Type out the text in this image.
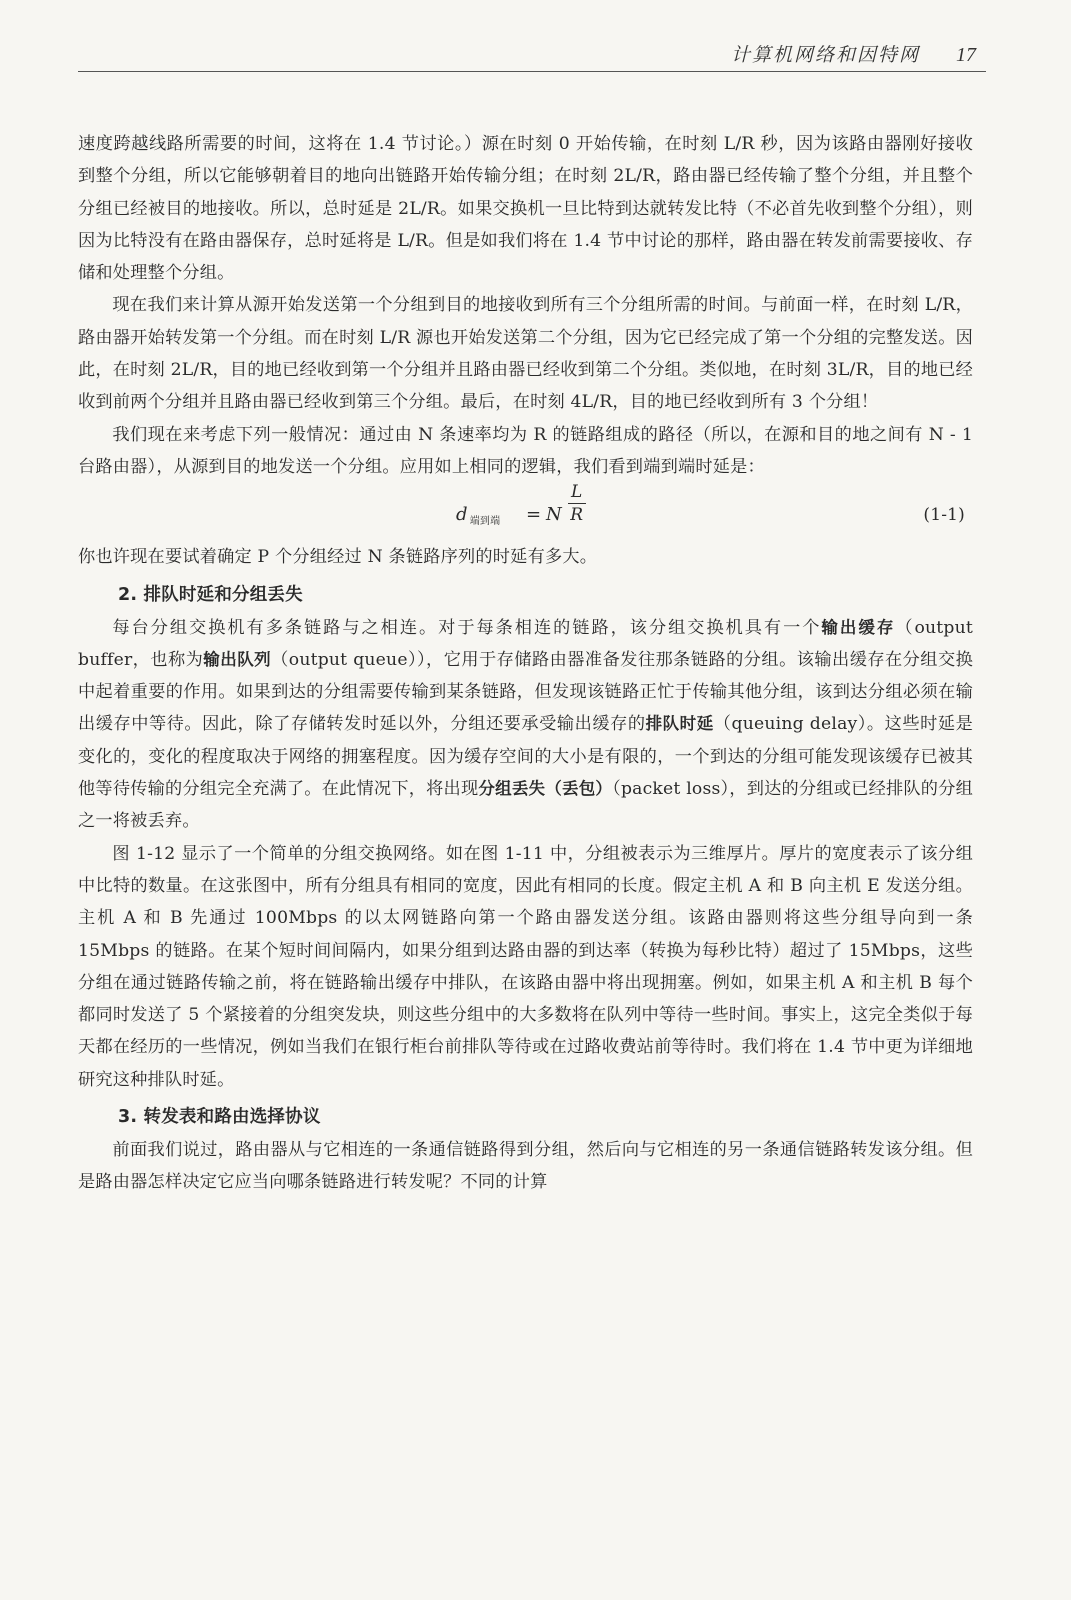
计算机网络和因特网 17

速度跨越线路所需要的时间，这将在 1.4 节讨论。）源在时刻 0 开始传输，在时刻 L/R 秒，因为该路由器刚好接收到整个分组，所以它能够朝着目的地向出链路开始传输分组；在时刻 2L/R，路由器已经传输了整个分组，并且整个分组已经被目的地接收。所以，总时延是 2L/R。如果交换机一旦比特到达就转发比特（不必首先收到整个分组），则因为比特没有在路由器保存，总时延将是 L/R。但是如我们将在 1.4 节中讨论的那样，路由器在转发前需要接收、存储和处理整个分组。

现在我们来计算从源开始发送第一个分组到目的地接收到所有三个分组所需的时间。与前面一样，在时刻 L/R，路由器开始转发第一个分组。而在时刻 L/R 源也开始发送第二个分组，因为它已经完成了第一个分组的完整发送。因此，在时刻 2L/R，目的地已经收到第一个分组并且路由器已经收到第二个分组。类似地，在时刻 3L/R，目的地已经收到前两个分组并且路由器已经收到第三个分组。最后，在时刻 4L/R，目的地已经收到所有 3 个分组！

我们现在来考虑下列一般情况：通过由 N 条速率均为 R 的链路组成的路径（所以，在源和目的地之间有 N - 1 台路由器），从源到目的地发送一个分组。应用如上相同的逻辑，我们看到端到端时延是：

d $_{端到端}$ = N $\frac{L}{R}$	(1-1)

你也许现在要试着确定 P 个分组经过 N 条链路序列的时延有多大。

2. 排队时延和分组丢失

每台分组交换机有多条链路与之相连。对于每条相连的链路，该分组交换机具有一个输出缓存（output buffer，也称为输出队列（output queue）），它用于存储路由器准备发往那条链路的分组。该输出缓存在分组交换中起着重要的作用。如果到达的分组需要传输到某条链路，但发现该链路正忙于传输其他分组，该到达分组必须在输出缓存中等待。因此，除了存储转发时延以外，分组还要承受输出缓存的排队时延（queuing delay）。这些时延是变化的，变化的程度取决于网络的拥塞程度。因为缓存空间的大小是有限的，一个到达的分组可能发现该缓存已被其他等待传输的分组完全充满了。在此情况下，将出现分组丢失（丢包）（packet loss），到达的分组或已经排队的分组之一将被丢弃。

图 1-12 显示了一个简单的分组交换网络。如在图 1-11 中，分组被表示为三维厚片。厚片的宽度表示了该分组中比特的数量。在这张图中，所有分组具有相同的宽度，因此有相同的长度。假定主机 A 和 B 向主机 E 发送分组。主机 A 和 B 先通过 100Mbps 的以太网链路向第一个路由器发送分组。该路由器则将这些分组导向到一条 15Mbps 的链路。在某个短时间间隔内，如果分组到达路由器的到达率（转换为每秒比特）超过了 15Mbps，这些分组在通过链路传输之前，将在链路输出缓存中排队，在该路由器中将出现拥塞。例如，如果主机 A 和主机 B 每个都同时发送了 5 个紧接着的分组突发块，则这些分组中的大多数将在队列中等待一些时间。事实上，这完全类似于每天都在经历的一些情况，例如当我们在银行柜台前排队等待或在过路收费站前等待时。我们将在 1.4 节中更为详细地研究这种排队时延。

3. 转发表和路由选择协议

前面我们说过，路由器从与它相连的一条通信链路得到分组，然后向与它相连的另一条通信链路转发该分组。但是路由器怎样决定它应当向哪条链路进行转发呢？不同的计算
